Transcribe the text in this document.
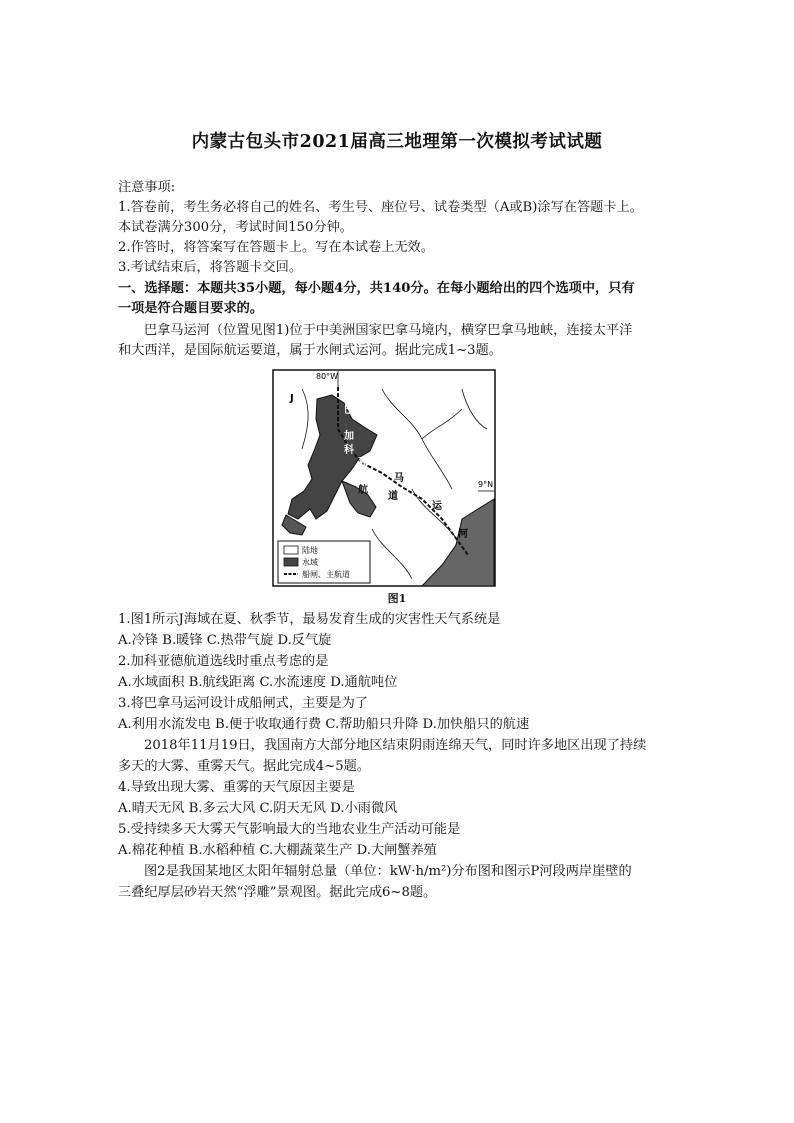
内蒙古包头市2021届高三地理第一次模拟考试试题
注意事项:
1.答卷前，考生务必将自己的姓名、考生号、座位号、试卷类型（A或B)涂写在答题卡上。
本试卷满分300分，考试时间150分钟。
2.作答时，将答案写在答题卡上。写在本试卷上无效。
3.考试结束后，将答题卡交回。
一、选择题：本题共35小题，每小题4分，共140分。在每小题给出的四个选项中，只有
一项是符合题目要求的。
巴拿马运河（位置见图1)位于中美洲国家巴拿马境内，横穿巴拿马地峡，连接太平洋
和大西洋，是国际航运要道，属于水闸式运河。据此完成1~3题。
80°W
J
9°N
巴
加
科
亚
德
航
马
道
运
河
陆地
水域
船闸、主航道
图1
1.图1所示J海域在夏、秋季节，最易发育生成的灾害性天气系统是
A.冷锋 B.暖锋 C.热带气旋 D.反气旋
2.加科亚德航道选线时重点考虑的是
A.水域面积 B.航线距离 C.水流速度 D.通航吨位
3.将巴拿马运河设计成船闸式，主要是为了
A.利用水流发电 B.便于收取通行费 C.帮助船只升降 D.加快船只的航速
2018年11月19日，我国南方大部分地区结束阴雨连绵天气，同时许多地区出现了持续
多天的大雾、重雾天气。据此完成4~5题。
4.导致出现大雾、重雾的天气原因主要是
A.晴天无风 B.多云大风 C.阴天无风 D.小雨微风
5.受持续多天大雾天气影响最大的当地农业生产活动可能是
A.棉花种植 B.水稻种植 C.大棚蔬菜生产 D.大闸蟹养殖
图2是我国某地区太阳年辐射总量（单位：kW·h/m²)分布图和图示P河段两岸崖壁的
三叠纪厚层砂岩天然“浮雕”景观图。据此完成6~8题。
